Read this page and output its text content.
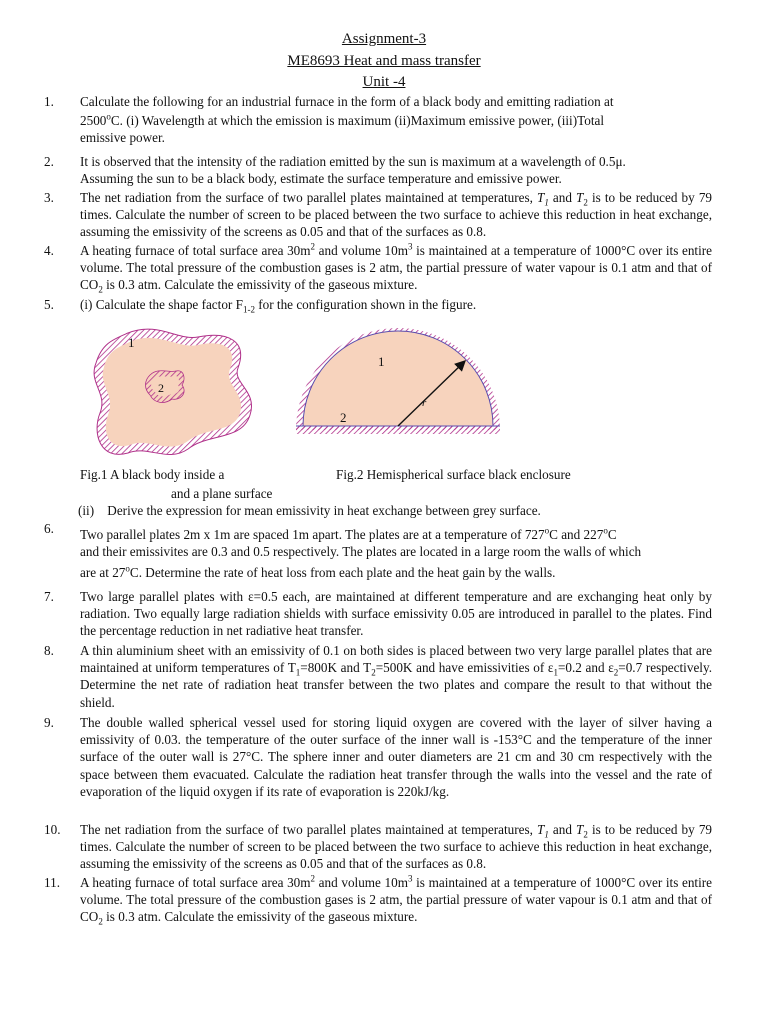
Assignment-3
ME8693 Heat and mass transfer
Unit -4
1.	Calculate the following for an industrial furnace in the form of a black body and emitting radiation at
2500$^o$C. (i) Wavelength at which the emission is maximum (ii)Maximum emissive power, (iii)Total
emissive power.
2.	It is observed that the intensity of the radiation emitted by the sun is maximum at a wavelength of 0.5μ.
Assuming the sun to be a black body, estimate the surface temperature and emissive power.
3.	The net radiation from the surface of two parallel plates maintained at temperatures, $T_1$ and $T_2$ is to be reduced by 79 times. Calculate the number of screen to be placed between the two surface to achieve this reduction in heat exchange, assuming the emissivity of the screens as 0.05 and that of the surfaces as 0.8.
4.	A heating furnace of total surface area $30m^2$ and volume $10m^3$ is maintained at a temperature of 1000°C over its entire volume. The total pressure of the combustion gases is 2 atm, the partial pressure of water vapour is 0.1 atm and that of $CO_2$ is 0.3 atm. Calculate the emissivity of the gaseous mixture.
5.	(i) Calculate the shape factor $F_{1-2}$ for the configuration shown in the figure.
1
2
1
2
r
Fig.1 A black body inside a
and a plane surface
Fig.2 Hemispherical surface black enclosure
(ii)    Derive the expression for mean emissivity in heat exchange between grey surface.
6.	Two parallel plates 2m x 1m are spaced 1m apart. The plates are at a temperature of 727$^o$C and 227$^o$C
and their emissivites are 0.3 and 0.5 respectively. The plates are located in a large room the walls of which
are at 27$^o$C. Determine the rate of heat loss from each plate and the heat gain by the walls.
7.	Two large parallel plates with ε=0.5 each, are maintained at different temperature and are exchanging heat only by radiation. Two equally large radiation shields with surface emissivity 0.05 are introduced in parallel to the plates. Find the percentage reduction in net radiative heat transfer.
8.	A thin aluminium sheet with an emissivity of 0.1 on both sides is placed between two very large parallel plates that are maintained at uniform temperatures of $T_1=800K$ and $T_2=500K$ and have emissivities of $\varepsilon_1=0.2$ and $\varepsilon_2=0.7$ respectively. Determine the net rate of radiation heat transfer between the two plates and compare the result to that without the shield.
9.	The double walled spherical vessel used for storing liquid oxygen are covered with the layer of silver having a emissivity of 0.03. the temperature of the outer surface of the inner wall is -153°C and the temperature of the inner surface of the outer wall is 27°C. The sphere inner and outer diameters are 21 cm and 30 cm respectively with the space between them evacuated. Calculate the radiation heat transfer through the walls into the vessel and the rate of evaporation of the liquid oxygen if its rate of evaporation is 220kJ/kg.
10.	The net radiation from the surface of two parallel plates maintained at temperatures, $T_1$ and $T_2$ is to be reduced by 79 times. Calculate the number of screen to be placed between the two surface to achieve this reduction in heat exchange, assuming the emissivity of the screens as 0.05 and that of the surfaces as 0.8.
11.	A heating furnace of total surface area $30m^2$ and volume $10m^3$ is maintained at a temperature of 1000°C over its entire volume. The total pressure of the combustion gases is 2 atm, the partial pressure of water vapour is 0.1 atm and that of $CO_2$ is 0.3 atm. Calculate the emissivity of the gaseous mixture.
